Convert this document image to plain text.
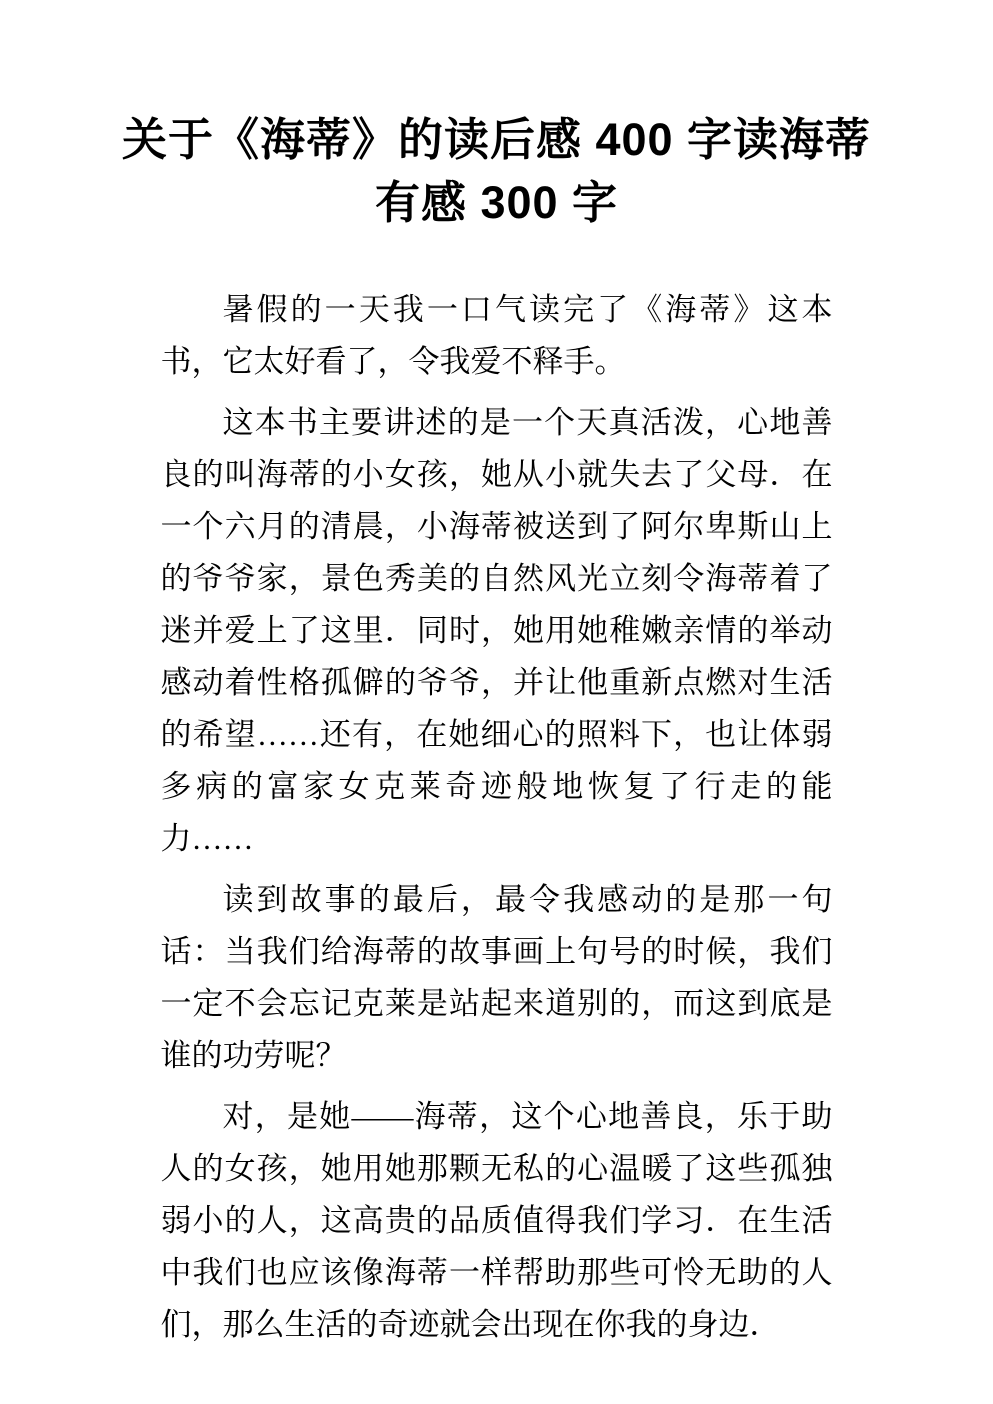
关于《海蒂》的读后感 400 字读海蒂
有感 300 字

暑假的一天我一口气读完了《海蒂》这本书，它太好看了，令我爱不释手。

这本书主要讲述的是一个天真活泼，心地善良的叫海蒂的小女孩，她从小就失去了父母．在一个六月的清晨，小海蒂被送到了阿尔卑斯山上的爷爷家，景色秀美的自然风光立刻令海蒂着了迷并爱上了这里．同时，她用她稚嫩亲情的举动感动着性格孤僻的爷爷，并让他重新点燃对生活的希望……还有，在她细心的照料下，也让体弱多病的富家女克莱奇迹般地恢复了行走的能力……

读到故事的最后，最令我感动的是那一句话：当我们给海蒂的故事画上句号的时候，我们一定不会忘记克莱是站起来道别的，而这到底是谁的功劳呢？

对，是她——海蒂，这个心地善良，乐于助人的女孩，她用她那颗无私的心温暖了这些孤独弱小的人，这高贵的品质值得我们学习．在生活中我们也应该像海蒂一样帮助那些可怜无助的人们，那么生活的奇迹就会出现在你我的身边．
